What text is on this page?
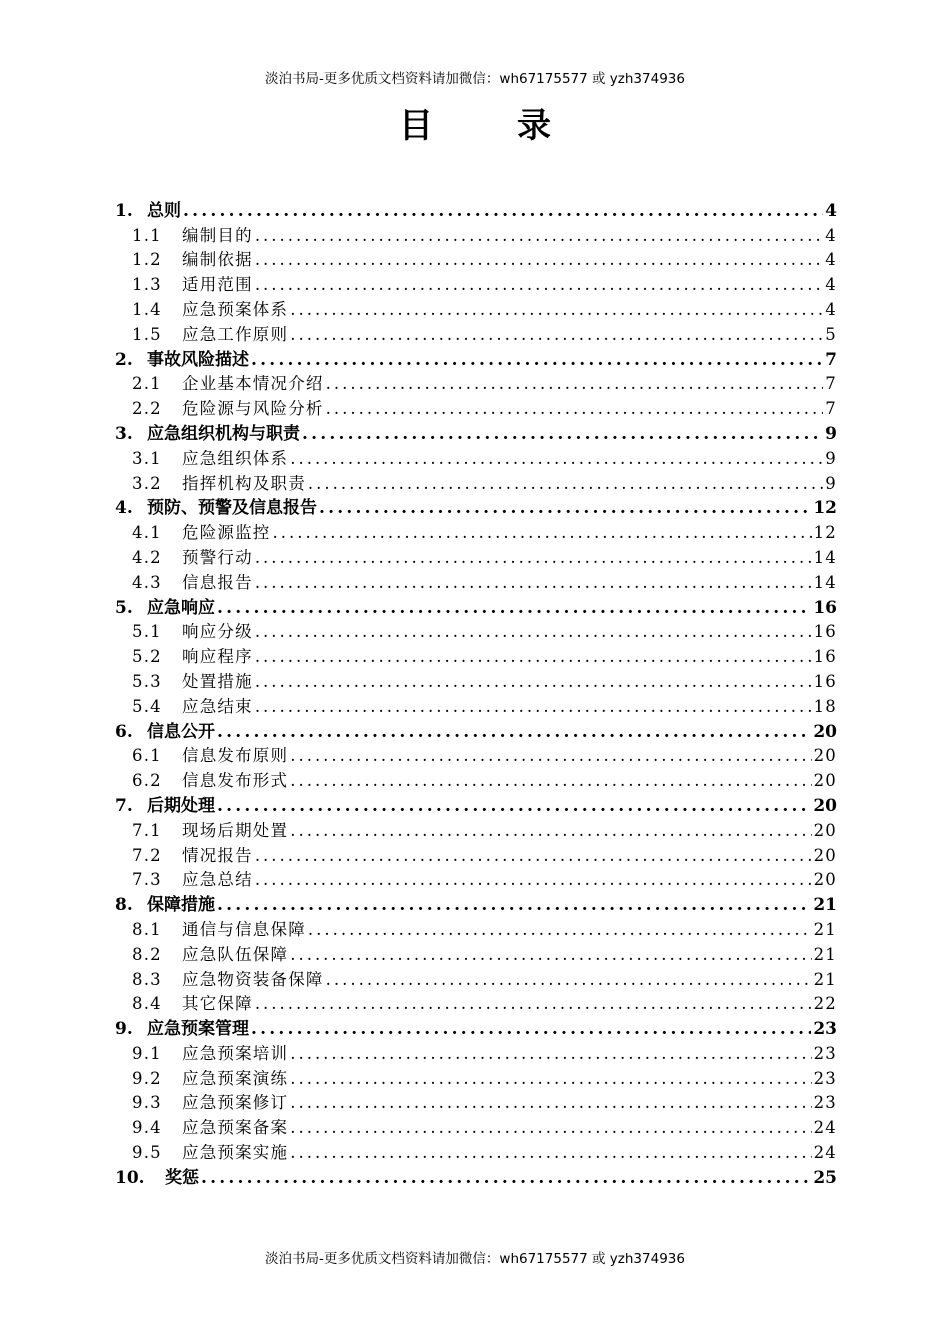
淡泊书局-更多优质文档资料请加微信：wh67175577 或 yzh374936
目录
1. 总则 .....	4
1.1	编制目的 .....	4
1.2	编制依据 .....	4
1.3	适用范围 .....	4
1.4	应急预案体系 .....	4
1.5	应急工作原则 .....	5
2. 事故风险描述 .....	7
2.1	企业基本情况介绍 .....	7
2.2	危险源与风险分析 .....	7
3. 应急组织机构与职责 .....	9
3.1	应急组织体系 .....	9
3.2	指挥机构及职责 .....	9
4. 预防、预警及信息报告 .....	12
4.1	危险源监控 .....	12
4.2	预警行动 .....	14
4.3	信息报告 .....	14
5. 应急响应 .....	16
5.1	响应分级 .....	16
5.2	响应程序 .....	16
5.3	处置措施 .....	16
5.4	应急结束 .....	18
6. 信息公开 .....	20
6.1	信息发布原则 .....	20
6.2	信息发布形式 .....	20
7. 后期处理 .....	20
7.1	现场后期处置 .....	20
7.2	情况报告 .....	20
7.3	应急总结 .....	20
8. 保障措施 .....	21
8.1	通信与信息保障 .....	21
8.2	应急队伍保障 .....	21
8.3	应急物资装备保障 .....	21
8.4	其它保障 .....	22
9. 应急预案管理 .....	23
9.1	应急预案培训 .....	23
9.2	应急预案演练 .....	23
9.3	应急预案修订 .....	23
9.4	应急预案备案 .....	24
9.5	应急预案实施 .....	24
10.	奖惩 .....	25
淡泊书局-更多优质文档资料请加微信：wh67175577 或 yzh374936
